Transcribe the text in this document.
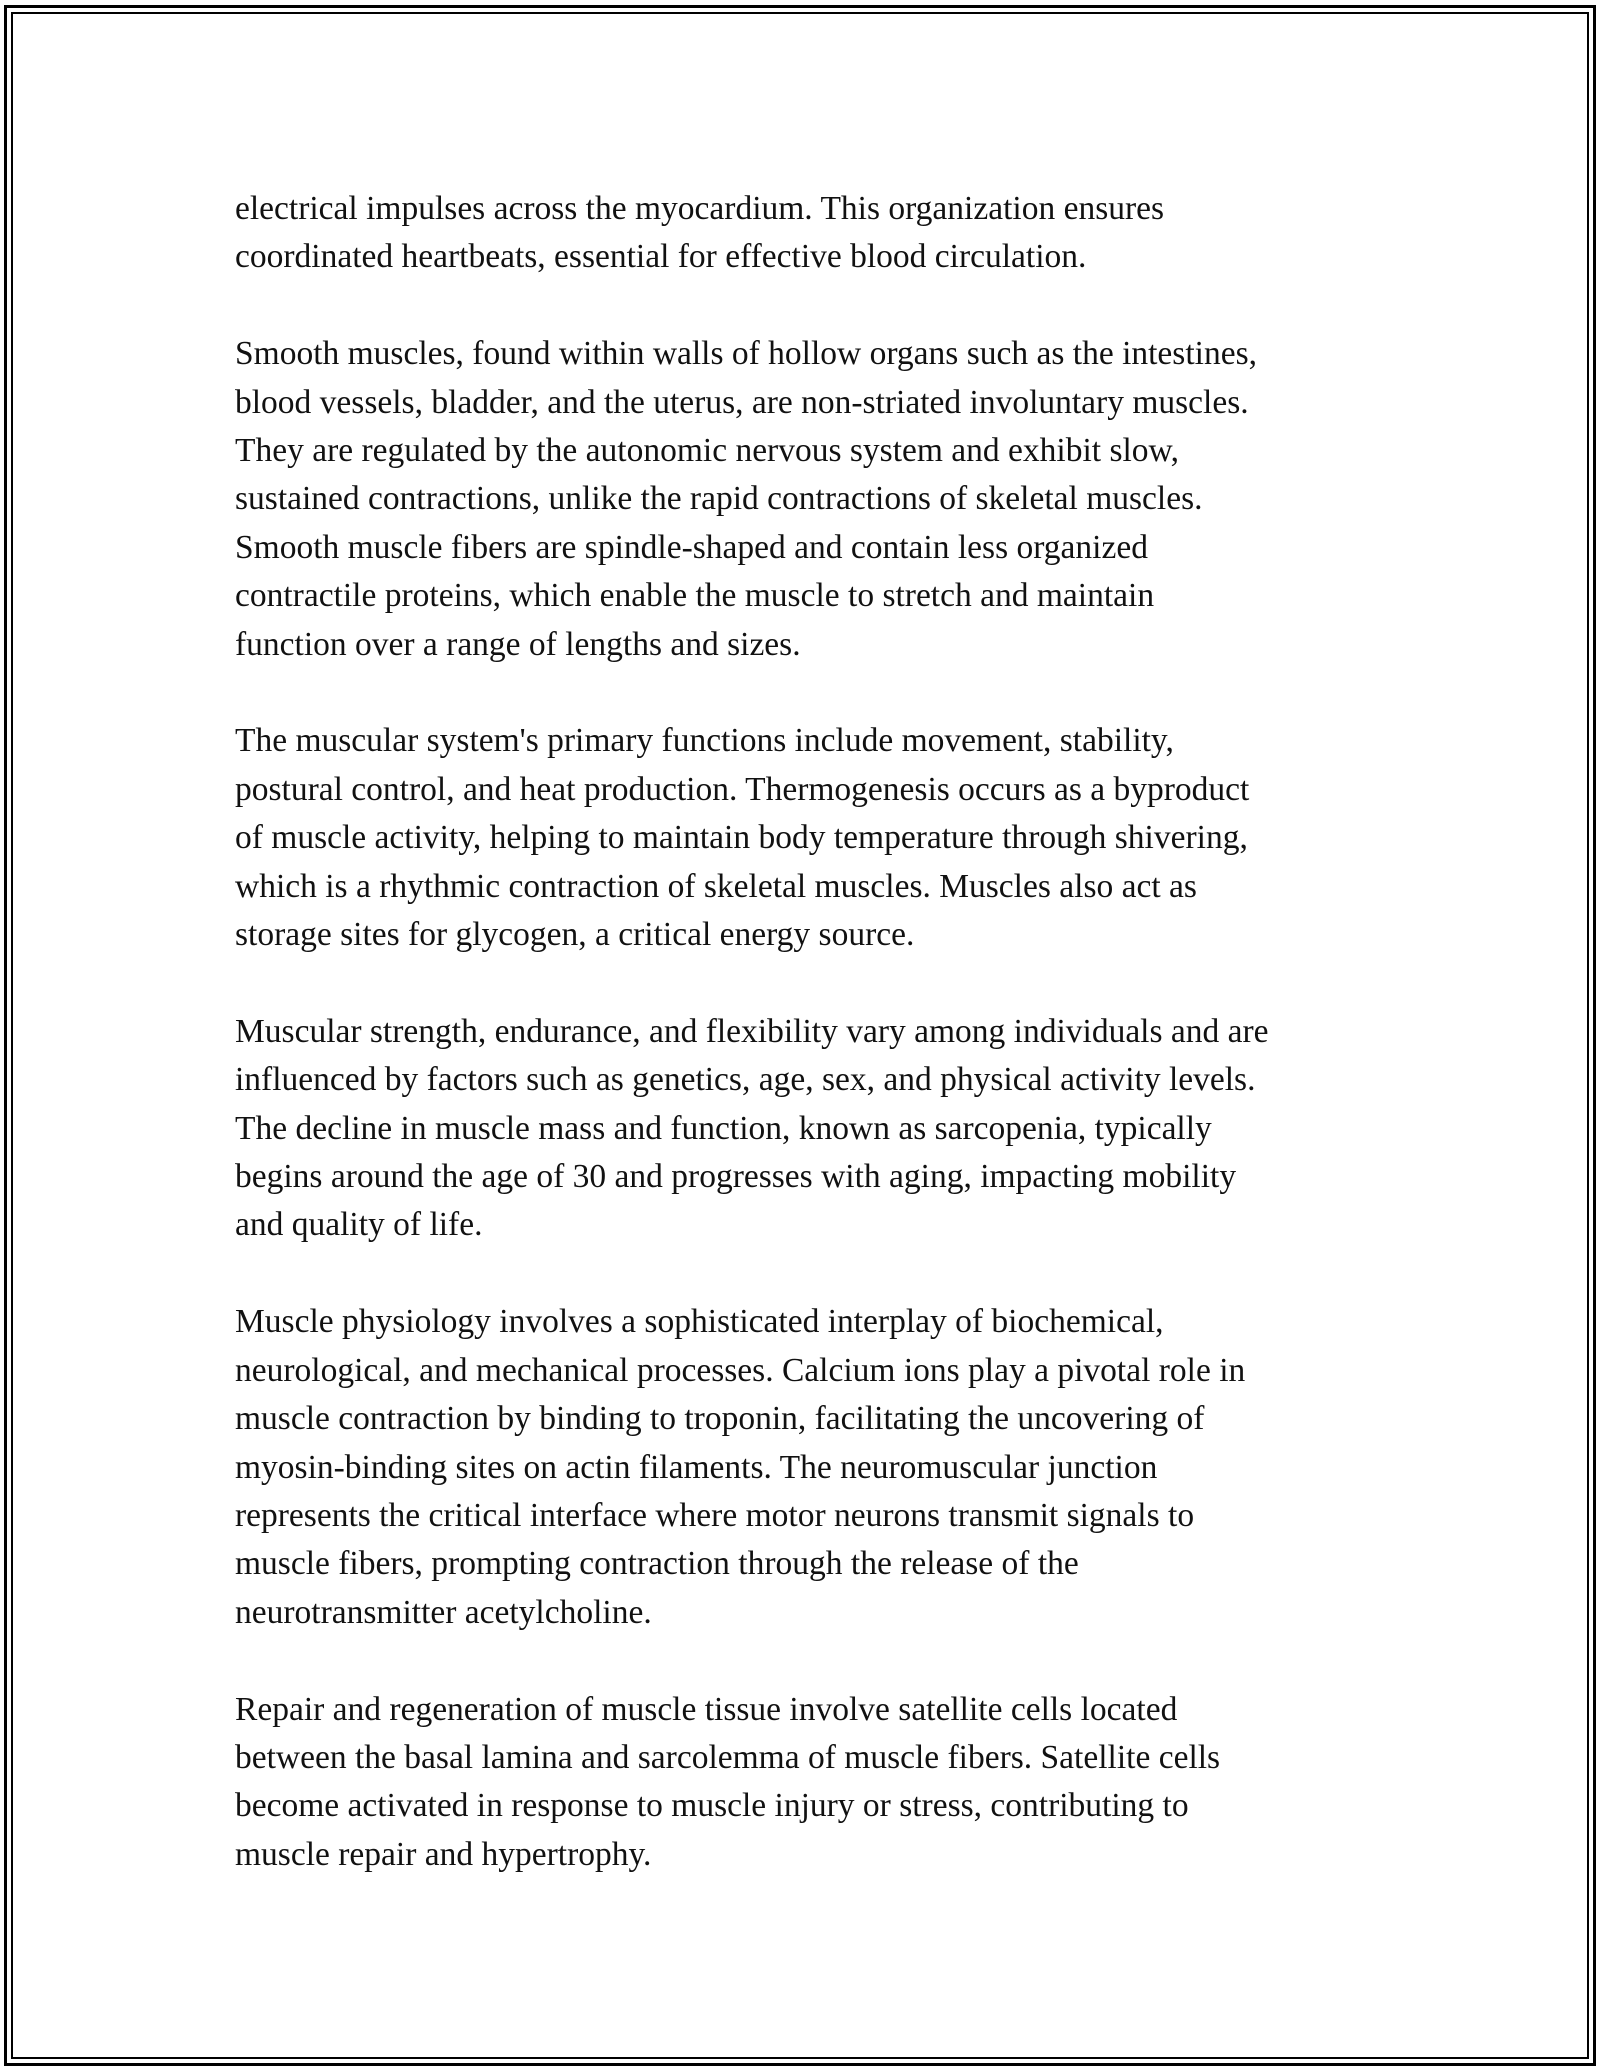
electrical impulses across the myocardium. This organization ensures
coordinated heartbeats, essential for effective blood circulation.

Smooth muscles, found within walls of hollow organs such as the intestines,
blood vessels, bladder, and the uterus, are non-striated involuntary muscles.
They are regulated by the autonomic nervous system and exhibit slow,
sustained contractions, unlike the rapid contractions of skeletal muscles.
Smooth muscle fibers are spindle-shaped and contain less organized
contractile proteins, which enable the muscle to stretch and maintain
function over a range of lengths and sizes.

The muscular system's primary functions include movement, stability,
postural control, and heat production. Thermogenesis occurs as a byproduct
of muscle activity, helping to maintain body temperature through shivering,
which is a rhythmic contraction of skeletal muscles. Muscles also act as
storage sites for glycogen, a critical energy source.

Muscular strength, endurance, and flexibility vary among individuals and are
influenced by factors such as genetics, age, sex, and physical activity levels.
The decline in muscle mass and function, known as sarcopenia, typically
begins around the age of 30 and progresses with aging, impacting mobility
and quality of life.

Muscle physiology involves a sophisticated interplay of biochemical,
neurological, and mechanical processes. Calcium ions play a pivotal role in
muscle contraction by binding to troponin, facilitating the uncovering of
myosin-binding sites on actin filaments. The neuromuscular junction
represents the critical interface where motor neurons transmit signals to
muscle fibers, prompting contraction through the release of the
neurotransmitter acetylcholine.

Repair and regeneration of muscle tissue involve satellite cells located
between the basal lamina and sarcolemma of muscle fibers. Satellite cells
become activated in response to muscle injury or stress, contributing to
muscle repair and hypertrophy.
